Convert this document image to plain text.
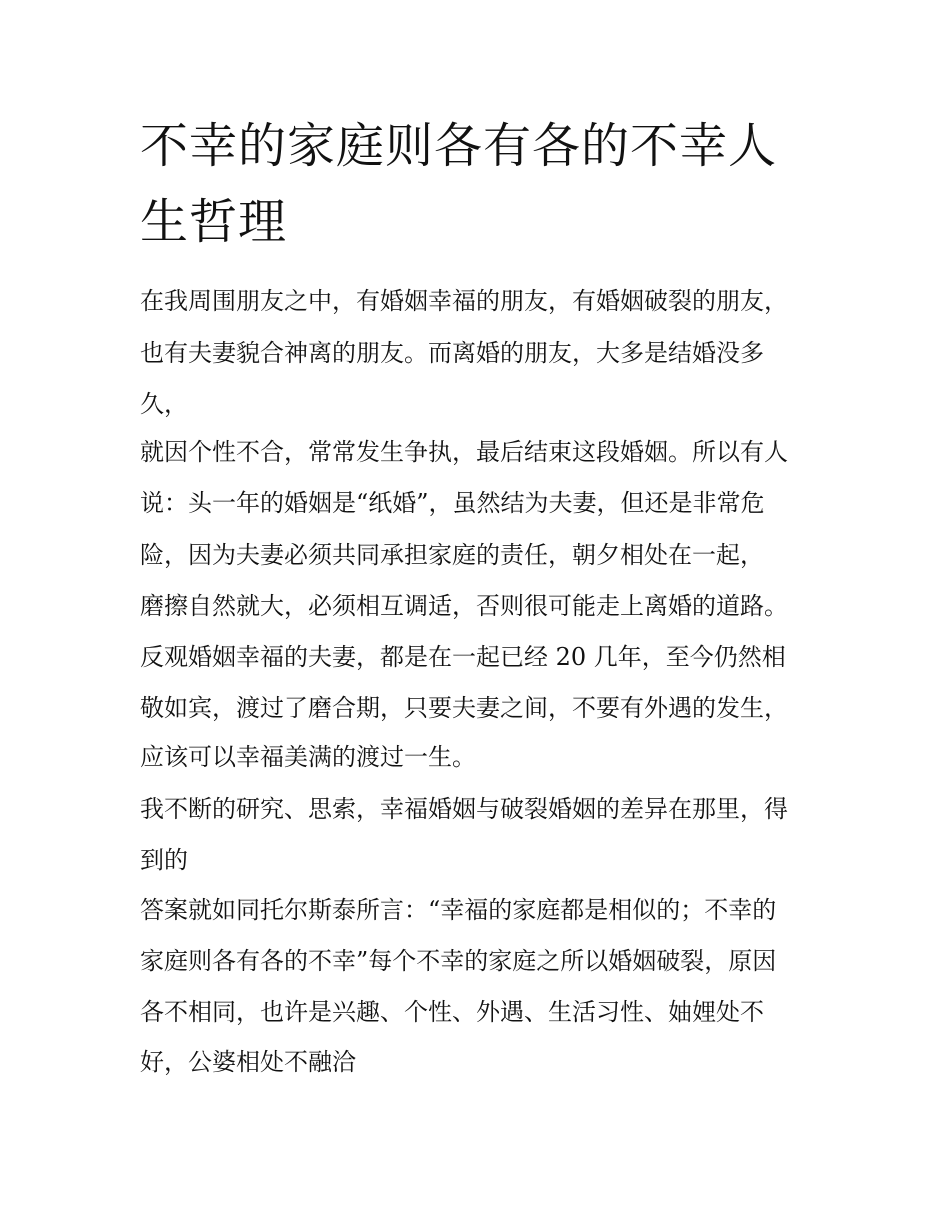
不幸的家庭则各有各的不幸人生哲理
在我周围朋友之中，有婚姻幸福的朋友，有婚姻破裂的朋友，
也有夫妻貌合神离的朋友。而离婚的朋友，大多是结婚没多
久，
就因个性不合，常常发生争执，最后结束这段婚姻。所以有人
说：头一年的婚姻是“纸婚”，虽然结为夫妻，但还是非常危
险，因为夫妻必须共同承担家庭的责任，朝夕相处在一起，
磨擦自然就大，必须相互调适，否则很可能走上离婚的道路。
反观婚姻幸福的夫妻，都是在一起已经 20 几年，至今仍然相
敬如宾，渡过了磨合期，只要夫妻之间，不要有外遇的发生，
应该可以幸福美满的渡过一生。
我不断的研究、思索，幸福婚姻与破裂婚姻的差异在那里，得
到的
答案就如同托尔斯泰所言：“幸福的家庭都是相似的；不幸的
家庭则各有各的不幸”每个不幸的家庭之所以婚姻破裂，原因
各不相同，也许是兴趣、个性、外遇、生活习性、妯娌处不
好，公婆相处不融洽
